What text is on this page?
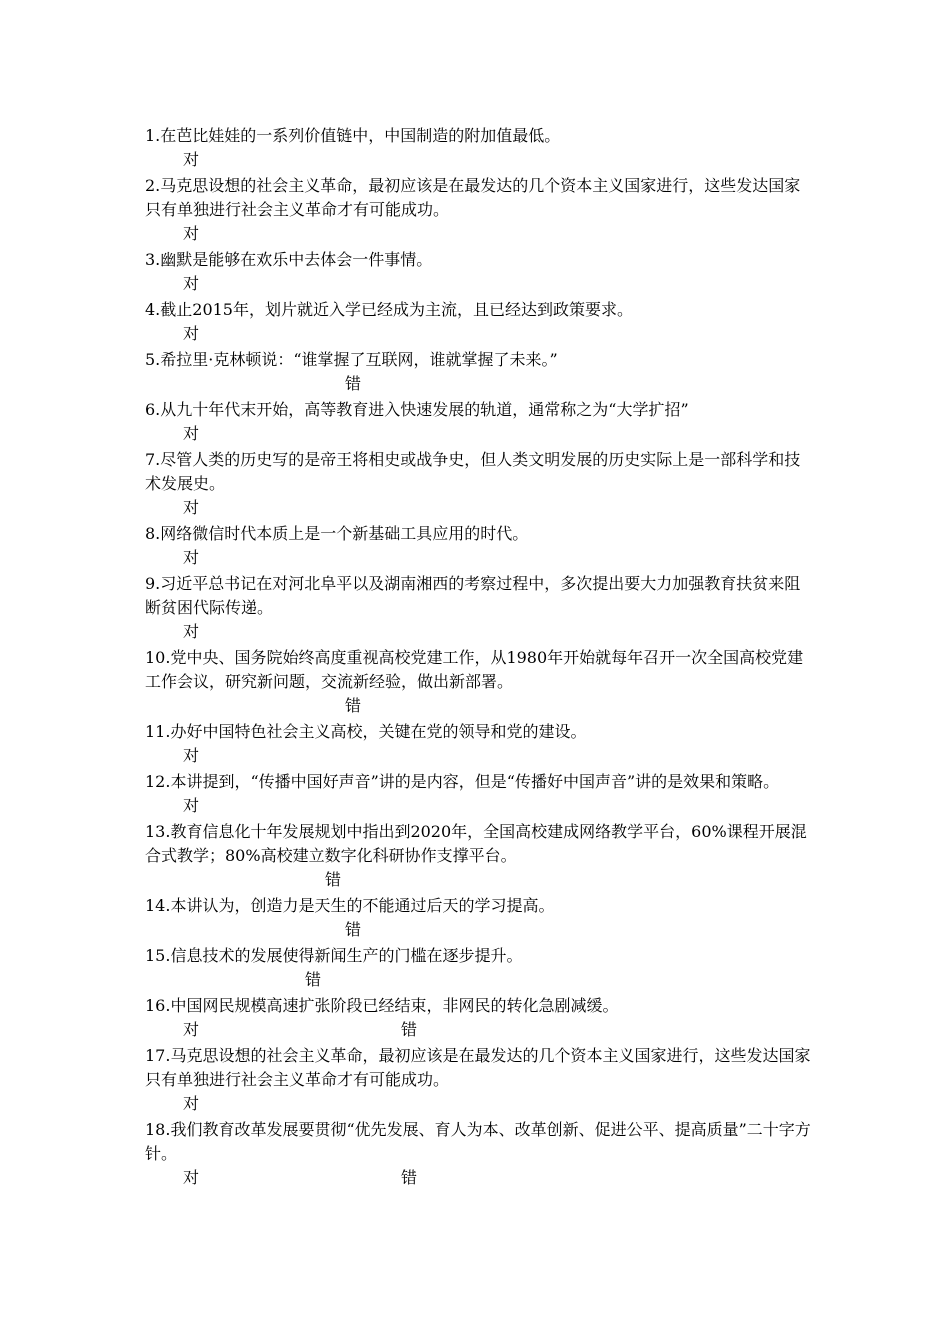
1.在芭比娃娃的一系列价值链中，中国制造的附加值最低。

对

2.马克思设想的社会主义革命，最初应该是在最发达的几个资本主义国家进行，这些发达国家只有单独进行社会主义革命才有可能成功。

对

3.幽默是能够在欢乐中去体会一件事情。

对

4.截止2015年，划片就近入学已经成为主流，且已经达到政策要求。

对

5.希拉里·克林顿说：“谁掌握了互联网，谁就掌握了未来。”

错

6.从九十年代末开始，高等教育进入快速发展的轨道，通常称之为“大学扩招”

对

7.尽管人类的历史写的是帝王将相史或战争史，但人类文明发展的历史实际上是一部科学和技术发展史。

对

8.网络微信时代本质上是一个新基础工具应用的时代。

对

9.习近平总书记在对河北阜平以及湖南湘西的考察过程中，多次提出要大力加强教育扶贫来阻断贫困代际传递。

对

10.党中央、国务院始终高度重视高校党建工作，从1980年开始就每年召开一次全国高校党建工作会议，研究新问题，交流新经验，做出新部署。

错

11.办好中国特色社会主义高校，关键在党的领导和党的建设。

对

12.本讲提到，“传播中国好声音”讲的是内容，但是“传播好中国声音”讲的是效果和策略。

对

13.教育信息化十年发展规划中指出到2020年，全国高校建成网络教学平台，60%课程开展混合式教学；80%高校建立数字化科研协作支撑平台。

错

14.本讲认为，创造力是天生的不能通过后天的学习提高。

错

15.信息技术的发展使得新闻生产的门槛在逐步提升。

错

16.中国网民规模高速扩张阶段已经结束，非网民的转化急剧减缓。

对	错

17.马克思设想的社会主义革命，最初应该是在最发达的几个资本主义国家进行，这些发达国家只有单独进行社会主义革命才有可能成功。

对

18.我们教育改革发展要贯彻“优先发展、育人为本、改革创新、促进公平、提高质量”二十字方针。

对	错
